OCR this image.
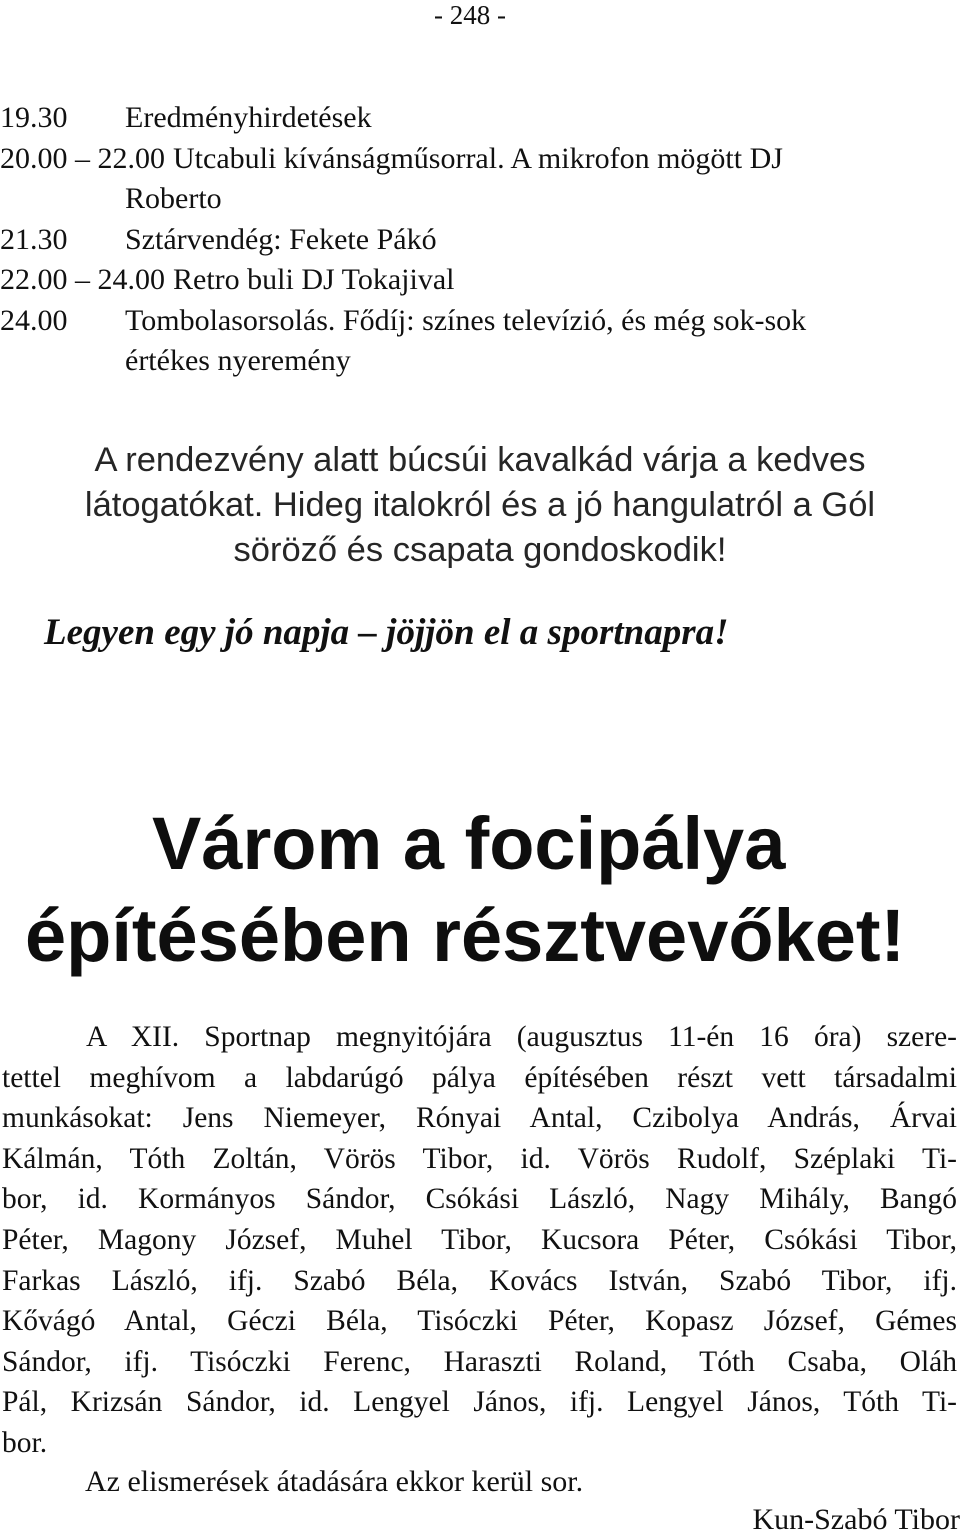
- 248 -
19.30	Eredményhirdetések
20.00 – 22.00 Utcabuli kívánságműsorral. A mikrofon mögött DJ
Roberto
21.30	Sztárvendég: Fekete Pákó
22.00 – 24.00 Retro buli DJ Tokajival
24.00	Tombolasorsolás. Fődíj: színes televízió, és még sok-sok
értékes nyeremény
A rendezvény alatt búcsúi kavalkád várja a kedves
látogatókat. Hideg italokról és a jó hangulatról a Gól
söröző és csapata gondoskodik!
Legyen egy jó napja – jöjjön el a sportnapra!
Várom a focipálya
építésében résztvevőket!
A XII. Sportnap megnyitójára (augusztus 11-én 16 óra) szere-
tettel meghívom a labdarúgó pálya építésében részt vett társadalmi
munkásokat: Jens Niemeyer, Rónyai Antal, Czibolya András, Árvai
Kálmán, Tóth Zoltán, Vörös Tibor, id. Vörös Rudolf, Széplaki Ti-
bor, id. Kormányos Sándor, Csókási László, Nagy Mihály, Bangó
Péter, Magony József, Muhel Tibor, Kucsora Péter, Csókási Tibor,
Farkas László, ifj. Szabó Béla, Kovács István, Szabó Tibor, ifj.
Kővágó Antal, Géczi Béla, Tisóczki Péter, Kopasz József, Gémes
Sándor, ifj. Tisóczki Ferenc, Haraszti Roland, Tóth Csaba, Oláh
Pál, Krizsán Sándor, id. Lengyel János, ifj. Lengyel János, Tóth Ti-
bor.
Az elismerések átadására ekkor kerül sor.
Kun-Szabó Tibor
